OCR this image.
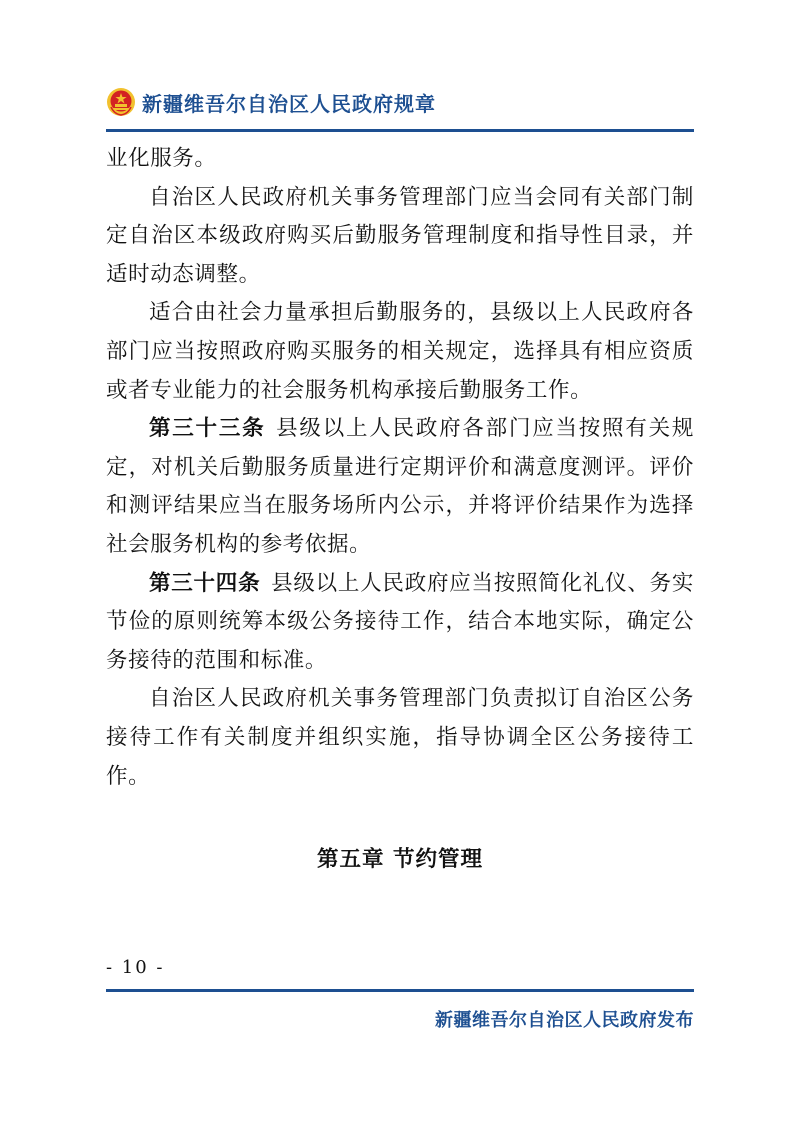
新疆维吾尔自治区人民政府规章

业化服务。

自治区人民政府机关事务管理部门应当会同有关部门制定自治区本级政府购买后勤服务管理制度和指导性目录，并适时动态调整。

适合由社会力量承担后勤服务的，县级以上人民政府各部门应当按照政府购买服务的相关规定，选择具有相应资质或者专业能力的社会服务机构承接后勤服务工作。

第三十三条 县级以上人民政府各部门应当按照有关规定，对机关后勤服务质量进行定期评价和满意度测评。评价和测评结果应当在服务场所内公示，并将评价结果作为选择社会服务机构的参考依据。

第三十四条 县级以上人民政府应当按照简化礼仪、务实节俭的原则统筹本级公务接待工作，结合本地实际，确定公务接待的范围和标准。

自治区人民政府机关事务管理部门负责拟订自治区公务接待工作有关制度并组织实施，指导协调全区公务接待工作。

第五章 节约管理
- 10 -
新疆维吾尔自治区人民政府发布
